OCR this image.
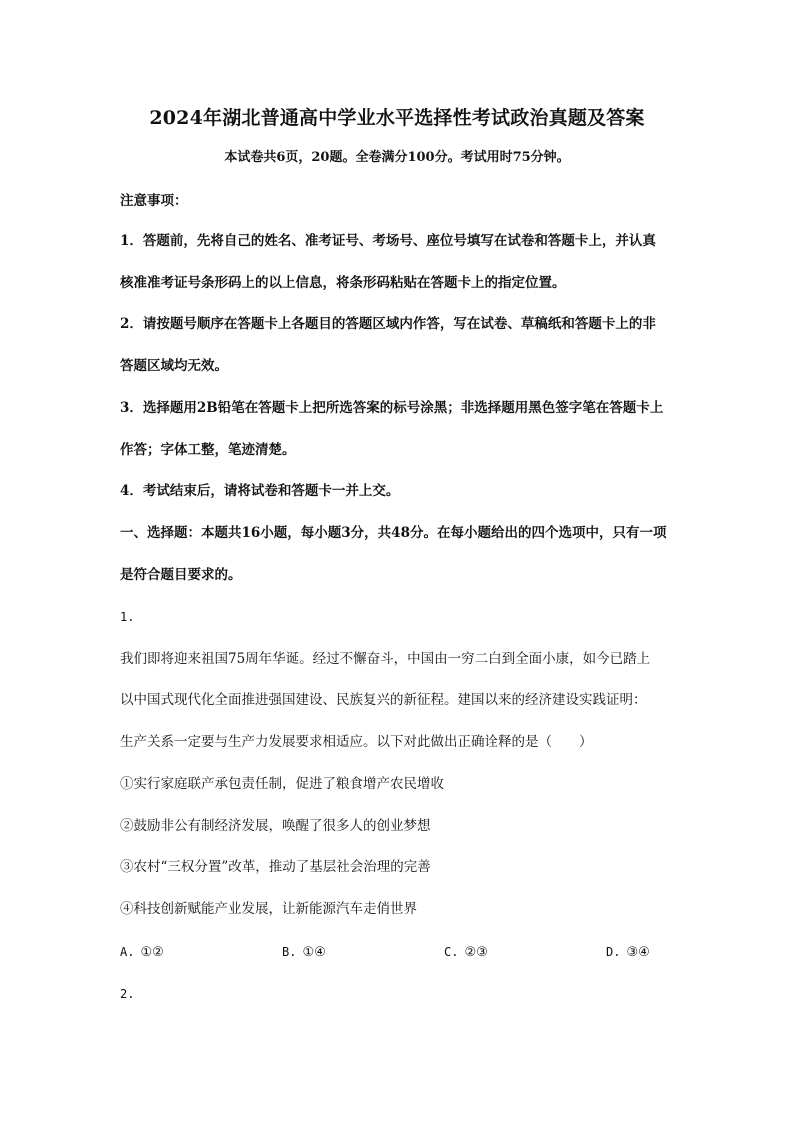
2024年湖北普通高中学业水平选择性考试政治真题及答案
本试卷共6页，20题。全卷满分100分。考试用时75分钟。
注意事项：
1．答题前，先将自己的姓名、准考证号、考场号、座位号填写在试卷和答题卡上，并认真
核准准考证号条形码上的以上信息，将条形码粘贴在答题卡上的指定位置。
2．请按题号顺序在答题卡上各题目的答题区域内作答，写在试卷、草稿纸和答题卡上的非
答题区域均无效。
3．选择题用2B铅笔在答题卡上把所选答案的标号涂黑；非选择题用黑色签字笔在答题卡上
作答；字体工整，笔迹清楚。
4．考试结束后，请将试卷和答题卡一并上交。
一、选择题：本题共16小题，每小题3分，共48分。在每小题给出的四个选项中，只有一项
是符合题目要求的。
1.
我们即将迎来祖国75周年华诞。经过不懈奋斗，中国由一穷二白到全面小康，如今已踏上
以中国式现代化全面推进强国建设、民族复兴的新征程。建国以来的经济建设实践证明：
生产关系一定要与生产力发展要求相适应。以下对此做出正确诠释的是（　　）
①实行家庭联产承包责任制，促进了粮食增产农民增收
②鼓励非公有制经济发展，唤醒了很多人的创业梦想
③农村“三权分置”改革，推动了基层社会治理的完善
④科技创新赋能产业发展，让新能源汽车走俏世界
A. ①②	B. ①④	C. ②③	D. ③④
2.
